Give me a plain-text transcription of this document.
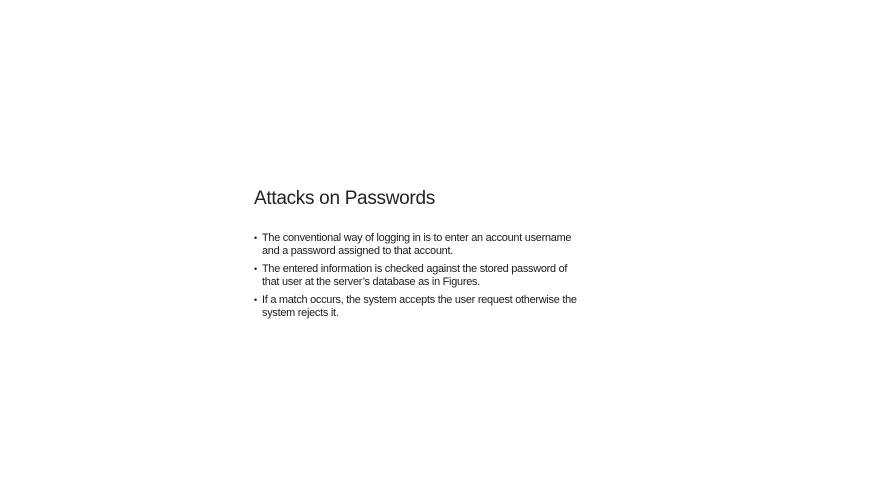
Attacks on Passwords
• The conventional way of logging in is to enter an account username
and a password assigned to that account.
• The entered information is checked against the stored password of
that user at the server’s database as in Figures.
• If a match occurs, the system accepts the user request otherwise the
system rejects it.
